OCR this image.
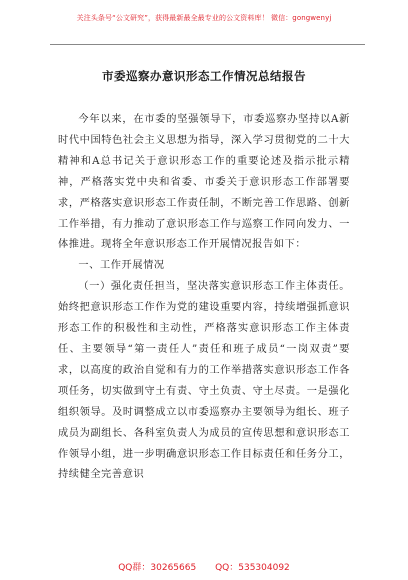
关注头条号“公文研究”，获得最新最全最专业的公文资料库！ 微信：gongwenyj
市委巡察办意识形态工作情况总结报告

今年以来，在市委的坚强领导下，市委巡察办坚持以A新时代中国特色社会主义思想为指导，深入学习贯彻党的二十大精神和A总书记关于意识形态工作的重要论述及指示批示精神，严格落实党中央和省委、市委关于意识形态工作部署要求，严格落实意识形态工作责任制，不断完善工作思路、创新工作举措，有力推动了意识形态工作与巡察工作同向发力、一体推进。现将全年意识形态工作开展情况报告如下：

一、工作开展情况

（一）强化责任担当，坚决落实意识形态工作主体责任。始终把意识形态工作作为党的建设重要内容，持续增强抓意识形态工作的积极性和主动性，严格落实意识形态工作主体责任、主要领导“第一责任人”责任和班子成员“一岗双责”要求，以高度的政治自觉和有力的工作举措落实意识形态工作各项任务，切实做到守土有责、守土负责、守土尽责。一是强化组织领导。及时调整成立以市委巡察办主要领导为组长、班子成员为副组长、各科室负责人为成员的宣传思想和意识形态工作领导小组，进一步明确意识形态工作目标责任和任务分工，持续健全完善意识

QQ群：30265665 QQ：535304092
